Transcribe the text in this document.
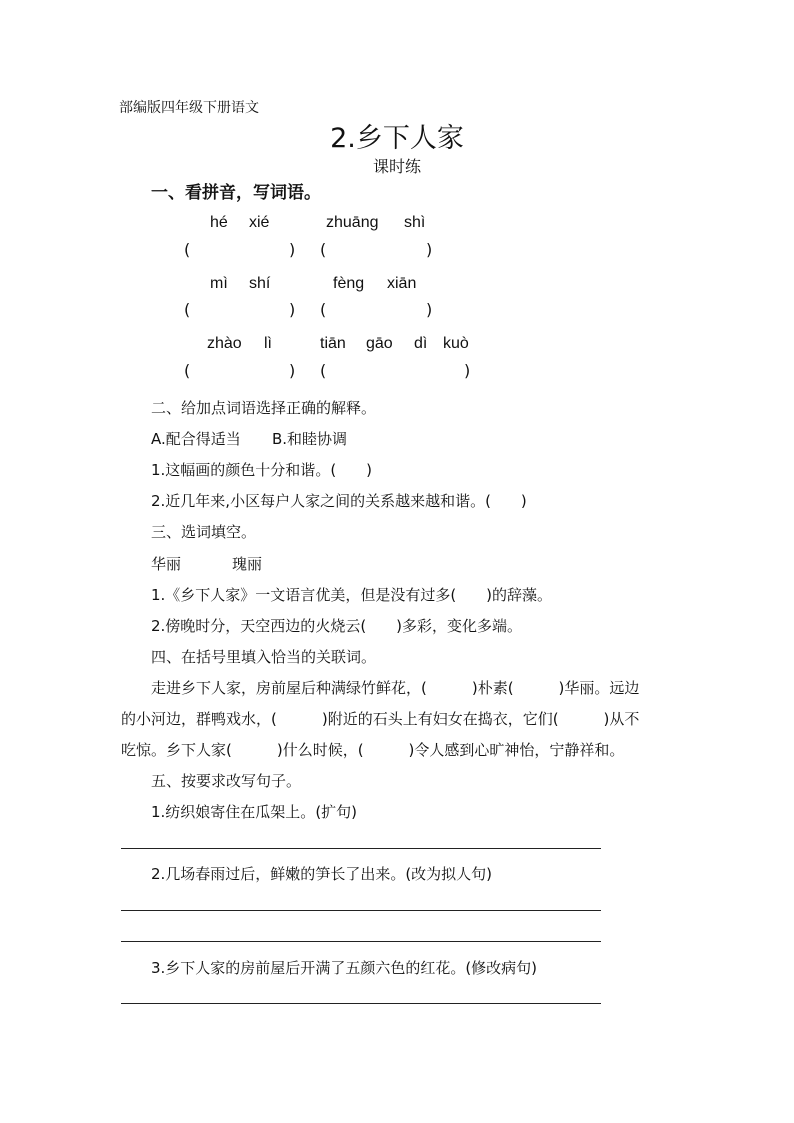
部编版四年级下册语文
2.乡下人家
课时练
一、看拼音，写词语。
hé xié	zhuāng shì
(	) (	)
mì shí	fèng xiān
(	) (	)
zhào lì	tiān gāo dì kuò
(	) (	)
二、给加点词语选择正确的解释。
A.配合得适当 B.和睦协调
1.这幅画的颜色十分和谐。(　　)
2.近几年来,小区每户人家之间的关系越来越和谐。(　　)
三、选词填空。
华丽	瑰丽
1.《乡下人家》一文语言优美，但是没有过多(　　)的辞藻。
2.傍晚时分，天空西边的火烧云(　　)多彩，变化多端。
四、在括号里填入恰当的关联词。
走进乡下人家，房前屋后种满绿竹鲜花，(　　　)朴素(　　　)华丽。远边
的小河边，群鸭戏水，(　　　)附近的石头上有妇女在捣衣，它们(　　　)从不
吃惊。乡下人家(　　　)什么时候，(　　　)令人感到心旷神怡，宁静祥和。
五、按要求改写句子。
1.纺织娘寄住在瓜架上。(扩句)
2.几场春雨过后，鲜嫩的笋长了出来。(改为拟人句)
3.乡下人家的房前屋后开满了五颜六色的红花。(修改病句)
